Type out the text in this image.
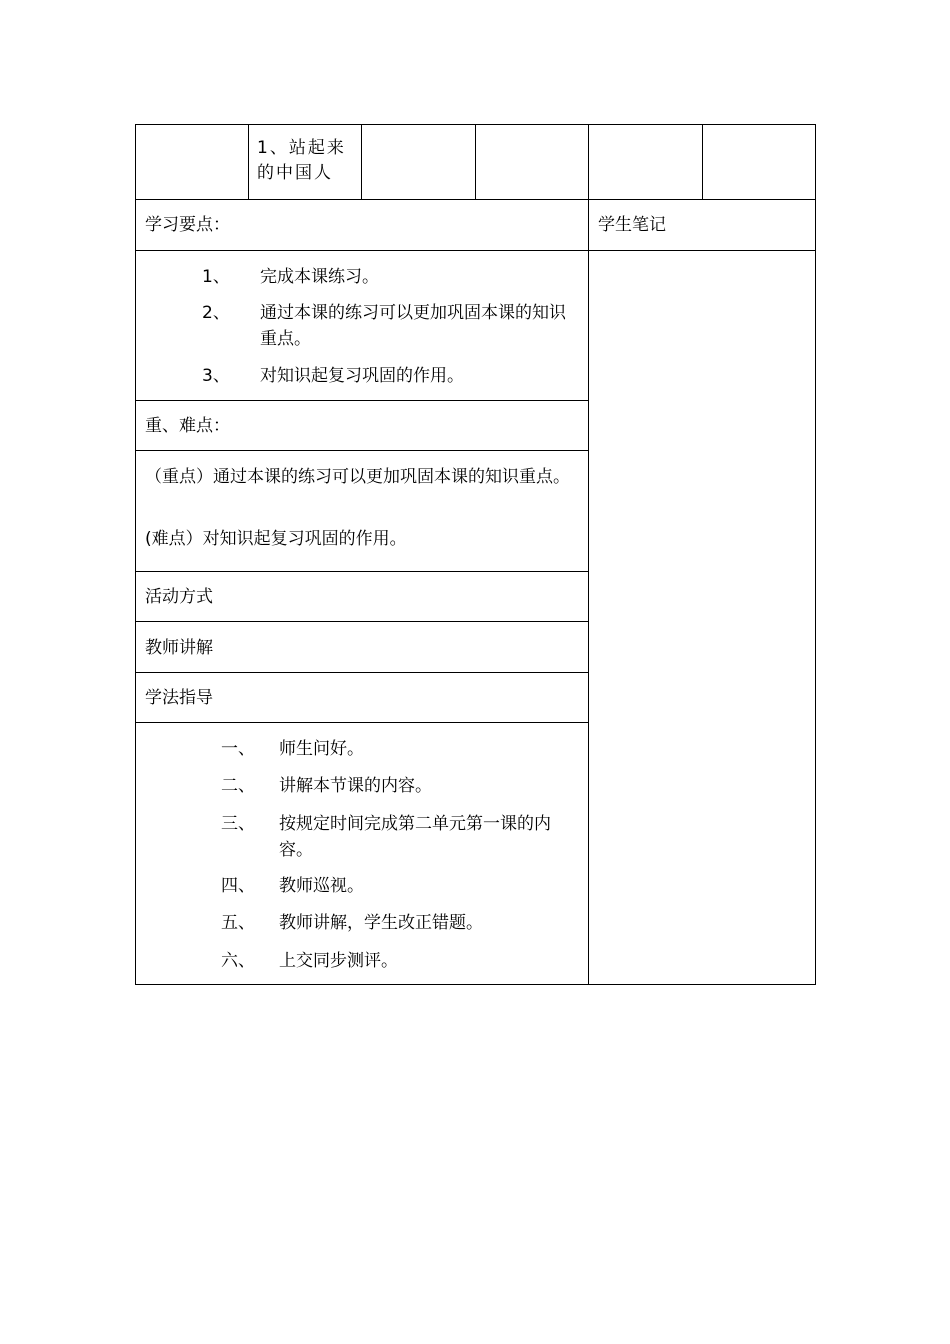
1、站起来的中国人
学习要点：	学生笔记
1、 完成本课练习。
2、 通过本课的练习可以更加巩固本课的知识重点。
3、 对知识起复习巩固的作用。
重、难点：
（重点）通过本课的练习可以更加巩固本课的知识重点。
(难点）对知识起复习巩固的作用。
活动方式
教师讲解
学法指导
一、 师生问好。
二、 讲解本节课的内容。
三、 按规定时间完成第二单元第一课的内容。
四、 教师巡视。
五、 教师讲解，学生改正错题。
六、 上交同步测评。
